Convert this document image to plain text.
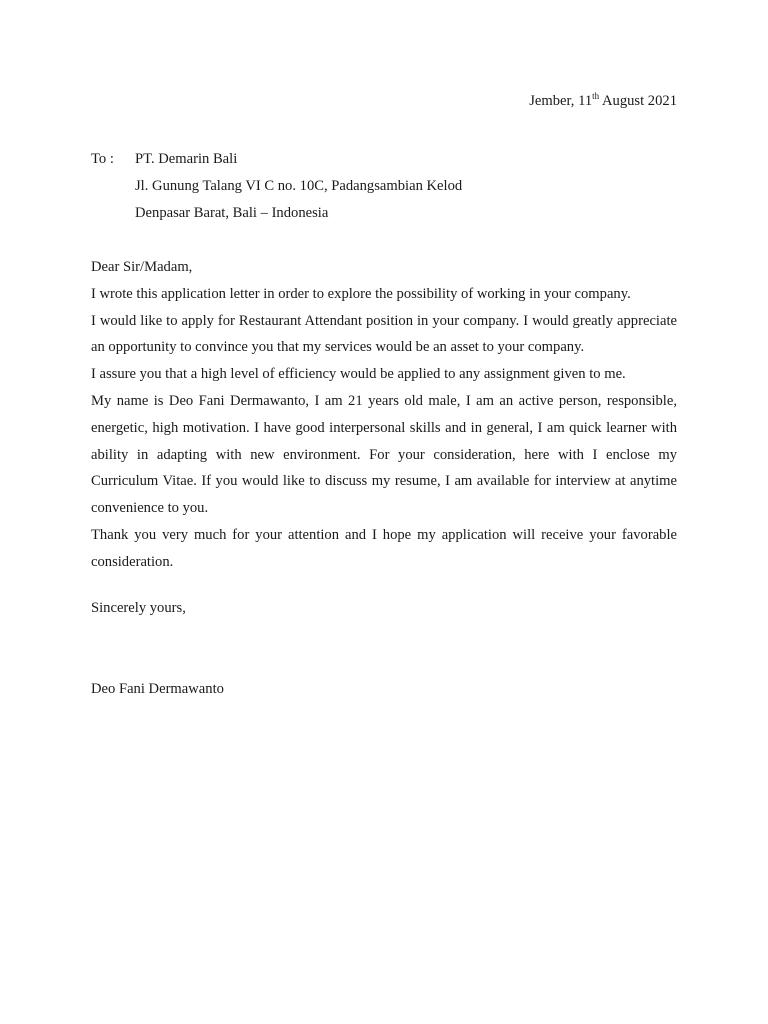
Jember, 11th August 2021
To :	PT. Demarin Bali
Jl. Gunung Talang VI C no. 10C, Padangsambian Kelod
Denpasar Barat, Bali – Indonesia
Dear Sir/Madam,
I wrote this application letter in order to explore the possibility of working in your company.
I would like to apply for Restaurant Attendant position in your company. I would greatly appreciate an opportunity to convince you that my services would be an asset to your company.
I assure you that a high level of efficiency would be applied to any assignment given to me.
My name is Deo Fani Dermawanto, I am 21 years old male, I am an active person, responsible, energetic, high motivation. I have good interpersonal skills and in general, I am quick learner with ability in adapting with new environment. For your consideration, here with I enclose my Curriculum Vitae. If you would like to discuss my resume, I am available for interview at anytime convenience to you.
Thank you very much for your attention and I hope my application will receive your favorable consideration.
Sincerely yours,
Deo Fani Dermawanto
